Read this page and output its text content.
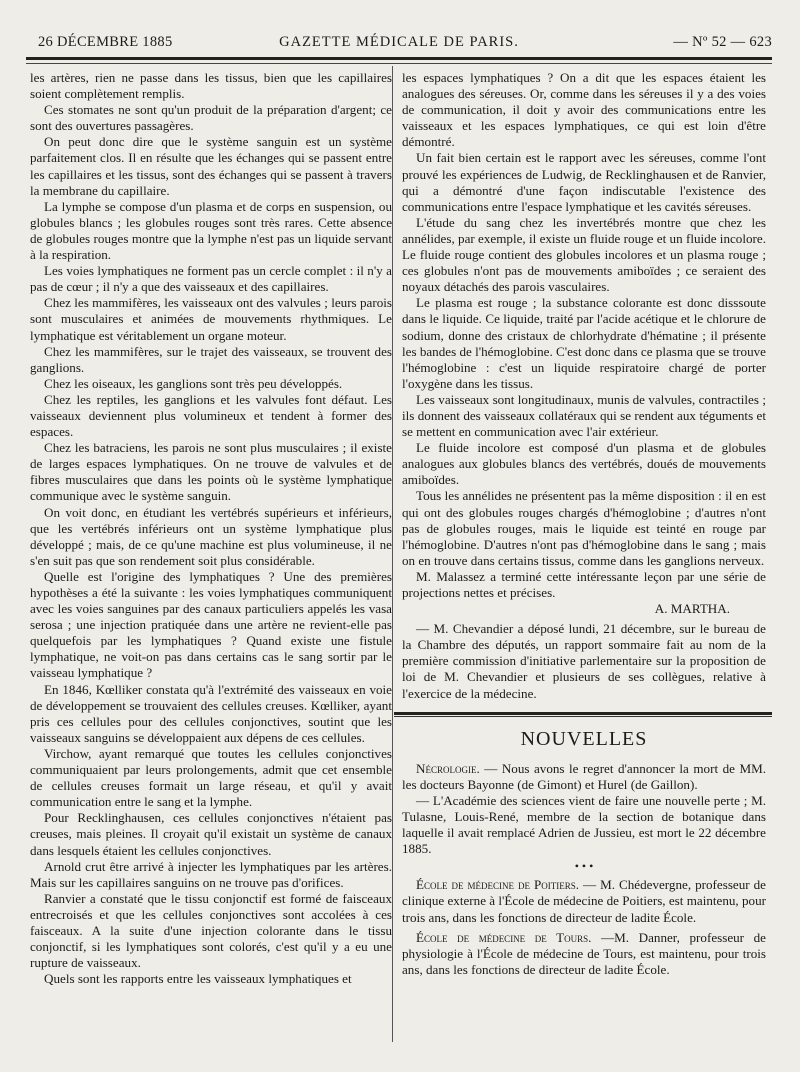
26 DÉCEMBRE 1885	GAZETTE MÉDICALE DE PARIS.	— Nº 52 — 623

les artères, rien ne passe dans les tissus, bien que les capillaires soient complètement remplis.

Ces stomates ne sont qu'un produit de la préparation d'argent; ce sont des ouvertures passagères.

On peut donc dire que le système sanguin est un système parfaitement clos. Il en résulte que les échanges qui se passent entre les capillaires et les tissus, sont des échanges qui se passent à travers la membrane du capillaire.

La lymphe se compose d'un plasma et de corps en suspension, ou globules blancs ; les globules rouges sont très rares. Cette absence de globules rouges montre que la lymphe n'est pas un liquide servant à la respiration.

Les voies lymphatiques ne forment pas un cercle complet : il n'y a pas de cœur ; il n'y a que des vaisseaux et des capillaires.

Chez les mammifères, les vaisseaux ont des valvules ; leurs parois sont musculaires et animées de mouvements rhythmiques. Le lymphatique est véritablement un organe moteur.

Chez les mammifères, sur le trajet des vaisseaux, se trouvent des ganglions.

Chez les oiseaux, les ganglions sont très peu développés.

Chez les reptiles, les ganglions et les valvules font défaut. Les vaisseaux deviennent plus volumineux et tendent à former des espaces.

Chez les batraciens, les parois ne sont plus musculaires ; il existe de larges espaces lymphatiques. On ne trouve de valvules et de fibres musculaires que dans les points où le système lymphatique communique avec le système sanguin.

On voit donc, en étudiant les vertébrés supérieurs et inférieurs, que les vertébrés inférieurs ont un système lymphatique plus développé ; mais, de ce qu'une machine est plus volumineuse, il ne s'en suit pas que son rendement soit plus considérable.

Quelle est l'origine des lymphatiques ? Une des premières hypothèses a été la suivante : les voies lymphatiques communiquent avec les voies sanguines par des canaux particuliers appelés les vasa serosa ; une injection pratiquée dans une artère ne revient-elle pas quelquefois par les lymphatiques ? Quand existe une fistule lymphatique, ne voit-on pas dans certains cas le sang sortir par le vaisseau lymphatique ?

En 1846, Kœlliker constata qu'à l'extrémité des vaisseaux en voie de développement se trouvaient des cellules creuses. Kœlliker, ayant pris ces cellules pour des cellules conjonctives, soutint que les vaisseaux sanguins se développaient aux dépens de ces cellules.

Virchow, ayant remarqué que toutes les cellules conjonctives communiquaient par leurs prolongements, admit que cet ensemble de cellules creuses formait un large réseau, et qu'il y avait communication entre le sang et la lymphe.

Pour Recklinghausen, ces cellules conjonctives n'étaient pas creuses, mais pleines. Il croyait qu'il existait un système de canaux dans lesquels étaient les cellules conjonctives.

Arnold crut être arrivé à injecter les lymphatiques par les artères. Mais sur les capillaires sanguins on ne trouve pas d'orifices.

Ranvier a constaté que le tissu conjonctif est formé de faisceaux entrecroisés et que les cellules conjonctives sont accolées à ces faisceaux. A la suite d'une injection colorante dans le tissu conjonctif, si les lymphatiques sont colorés, c'est qu'il y a eu une rupture de vaisseaux.

Quels sont les rapports entre les vaisseaux lymphatiques et

les espaces lymphatiques ? On a dit que les espaces étaient les analogues des séreuses. Or, comme dans les séreuses il y a des voies de communication, il doit y avoir des communications entre les vaisseaux et les espaces lymphatiques, ce qui est loin d'être démontré.

Un fait bien certain est le rapport avec les séreuses, comme l'ont prouvé les expériences de Ludwig, de Recklinghausen et de Ranvier, qui a démontré d'une façon indiscutable l'existence des communications entre l'espace lymphatique et les cavités séreuses.

L'étude du sang chez les invertébrés montre que chez les annélides, par exemple, il existe un fluide rouge et un fluide incolore. Le fluide rouge contient des globules incolores et un plasma rouge ; ces globules n'ont pas de mouvements amiboïdes ; ce seraient des noyaux détachés des parois vasculaires.

Le plasma est rouge ; la substance colorante est donc disssoute dans le liquide. Ce liquide, traité par l'acide acétique et le chlorure de sodium, donne des cristaux de chlorhydrate d'hématine ; il présente les bandes de l'hémoglobine. C'est donc dans ce plasma que se trouve l'hémoglobine : c'est un liquide respiratoire chargé de porter l'oxygène dans les tissus.

Les vaisseaux sont longitudinaux, munis de valvules, contractiles ; ils donnent des vaisseaux collatéraux qui se rendent aux téguments et se mettent en communication avec l'air extérieur.

Le fluide incolore est composé d'un plasma et de globules analogues aux globules blancs des vertébrés, doués de mouvements amiboïdes.

Tous les annélides ne présentent pas la même disposition : il en est qui ont des globules rouges chargés d'hémoglobine ; d'autres n'ont pas de globules rouges, mais le liquide est teinté en rouge par l'hémoglobine. D'autres n'ont pas d'hémoglobine dans le sang ; mais on en trouve dans certains tissus, comme dans les ganglions nerveux.

M. Malassez a terminé cette intéressante leçon par une série de projections nettes et précises.

A. MARTHA.

— M. Chevandier a déposé lundi, 21 décembre, sur le bureau de la Chambre des députés, un rapport sommaire fait au nom de la première commission d'initiative parlementaire sur la proposition de loi de M. Chevandier et plusieurs de ses collègues, relative à l'exercice de la médecine.

NOUVELLES

Nécrologie. — Nous avons le regret d'annoncer la mort de MM. les docteurs Bayonne (de Gimont) et Hurel (de Gaillon).

— L'Académie des sciences vient de faire une nouvelle perte ; M. Tulasne, Louis-René, membre de la section de botanique dans laquelle il avait remplacé Adrien de Jussieu, est mort le 22 décembre 1885.

• • •

École de médecine de Poitiers. — M. Chédevergne, professeur de clinique externe à l'École de médecine de Poitiers, est maintenu, pour trois ans, dans les fonctions de directeur de ladite École.

École de médecine de Tours. —M. Danner, professeur de physiologie à l'École de médecine de Tours, est maintenu, pour trois ans, dans les fonctions de directeur de ladite École.
